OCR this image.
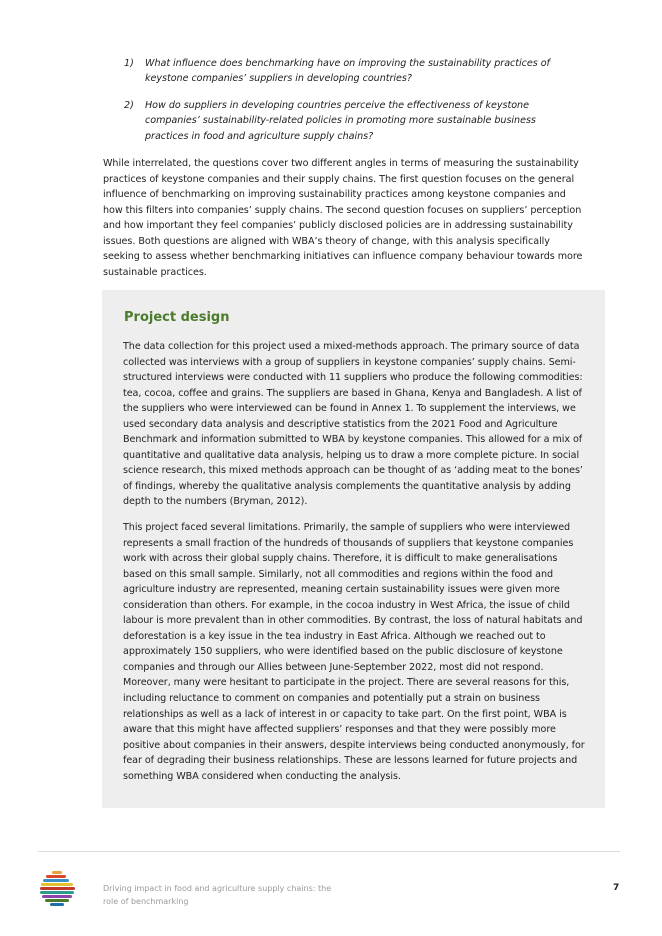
1) What influence does benchmarking have on improving the sustainability practices of keystone companies’ suppliers in developing countries?
2) How do suppliers in developing countries perceive the effectiveness of keystone companies’ sustainability-related policies in promoting more sustainable business practices in food and agriculture supply chains?

While interrelated, the questions cover two different angles in terms of measuring the sustainability practices of keystone companies and their supply chains. The first question focuses on the general influence of benchmarking on improving sustainability practices among keystone companies and how this filters into companies’ supply chains. The second question focuses on suppliers’ perception and how important they feel companies’ publicly disclosed policies are in addressing sustainability issues. Both questions are aligned with WBA’s theory of change, with this analysis specifically seeking to assess whether benchmarking initiatives can influence company behaviour towards more sustainable practices.

Project design

The data collection for this project used a mixed-methods approach. The primary source of data collected was interviews with a group of suppliers in keystone companies’ supply chains. Semi-structured interviews were conducted with 11 suppliers who produce the following commodities: tea, cocoa, coffee and grains. The suppliers are based in Ghana, Kenya and Bangladesh. A list of the suppliers who were interviewed can be found in Annex 1. To supplement the interviews, we used secondary data analysis and descriptive statistics from the 2021 Food and Agriculture Benchmark and information submitted to WBA by keystone companies. This allowed for a mix of quantitative and qualitative data analysis, helping us to draw a more complete picture. In social science research, this mixed methods approach can be thought of as ‘adding meat to the bones’ of findings, whereby the qualitative analysis complements the quantitative analysis by adding depth to the numbers (Bryman, 2012).

This project faced several limitations. Primarily, the sample of suppliers who were interviewed represents a small fraction of the hundreds of thousands of suppliers that keystone companies work with across their global supply chains. Therefore, it is difficult to make generalisations based on this small sample. Similarly, not all commodities and regions within the food and agriculture industry are represented, meaning certain sustainability issues were given more consideration than others. For example, in the cocoa industry in West Africa, the issue of child labour is more prevalent than in other commodities. By contrast, the loss of natural habitats and deforestation is a key issue in the tea industry in East Africa. Although we reached out to approximately 150 suppliers, who were identified based on the public disclosure of keystone companies and through our Allies between June-September 2022, most did not respond. Moreover, many were hesitant to participate in the project. There are several reasons for this, including reluctance to comment on companies and potentially put a strain on business relationships as well as a lack of interest in or capacity to take part. On the first point, WBA is aware that this might have affected suppliers’ responses and that they were possibly more positive about companies in their answers, despite interviews being conducted anonymously, for fear of degrading their business relationships. These are lessons learned for future projects and something WBA considered when conducting the analysis.

Driving impact in food and agriculture supply chains: the role of benchmarking
7
